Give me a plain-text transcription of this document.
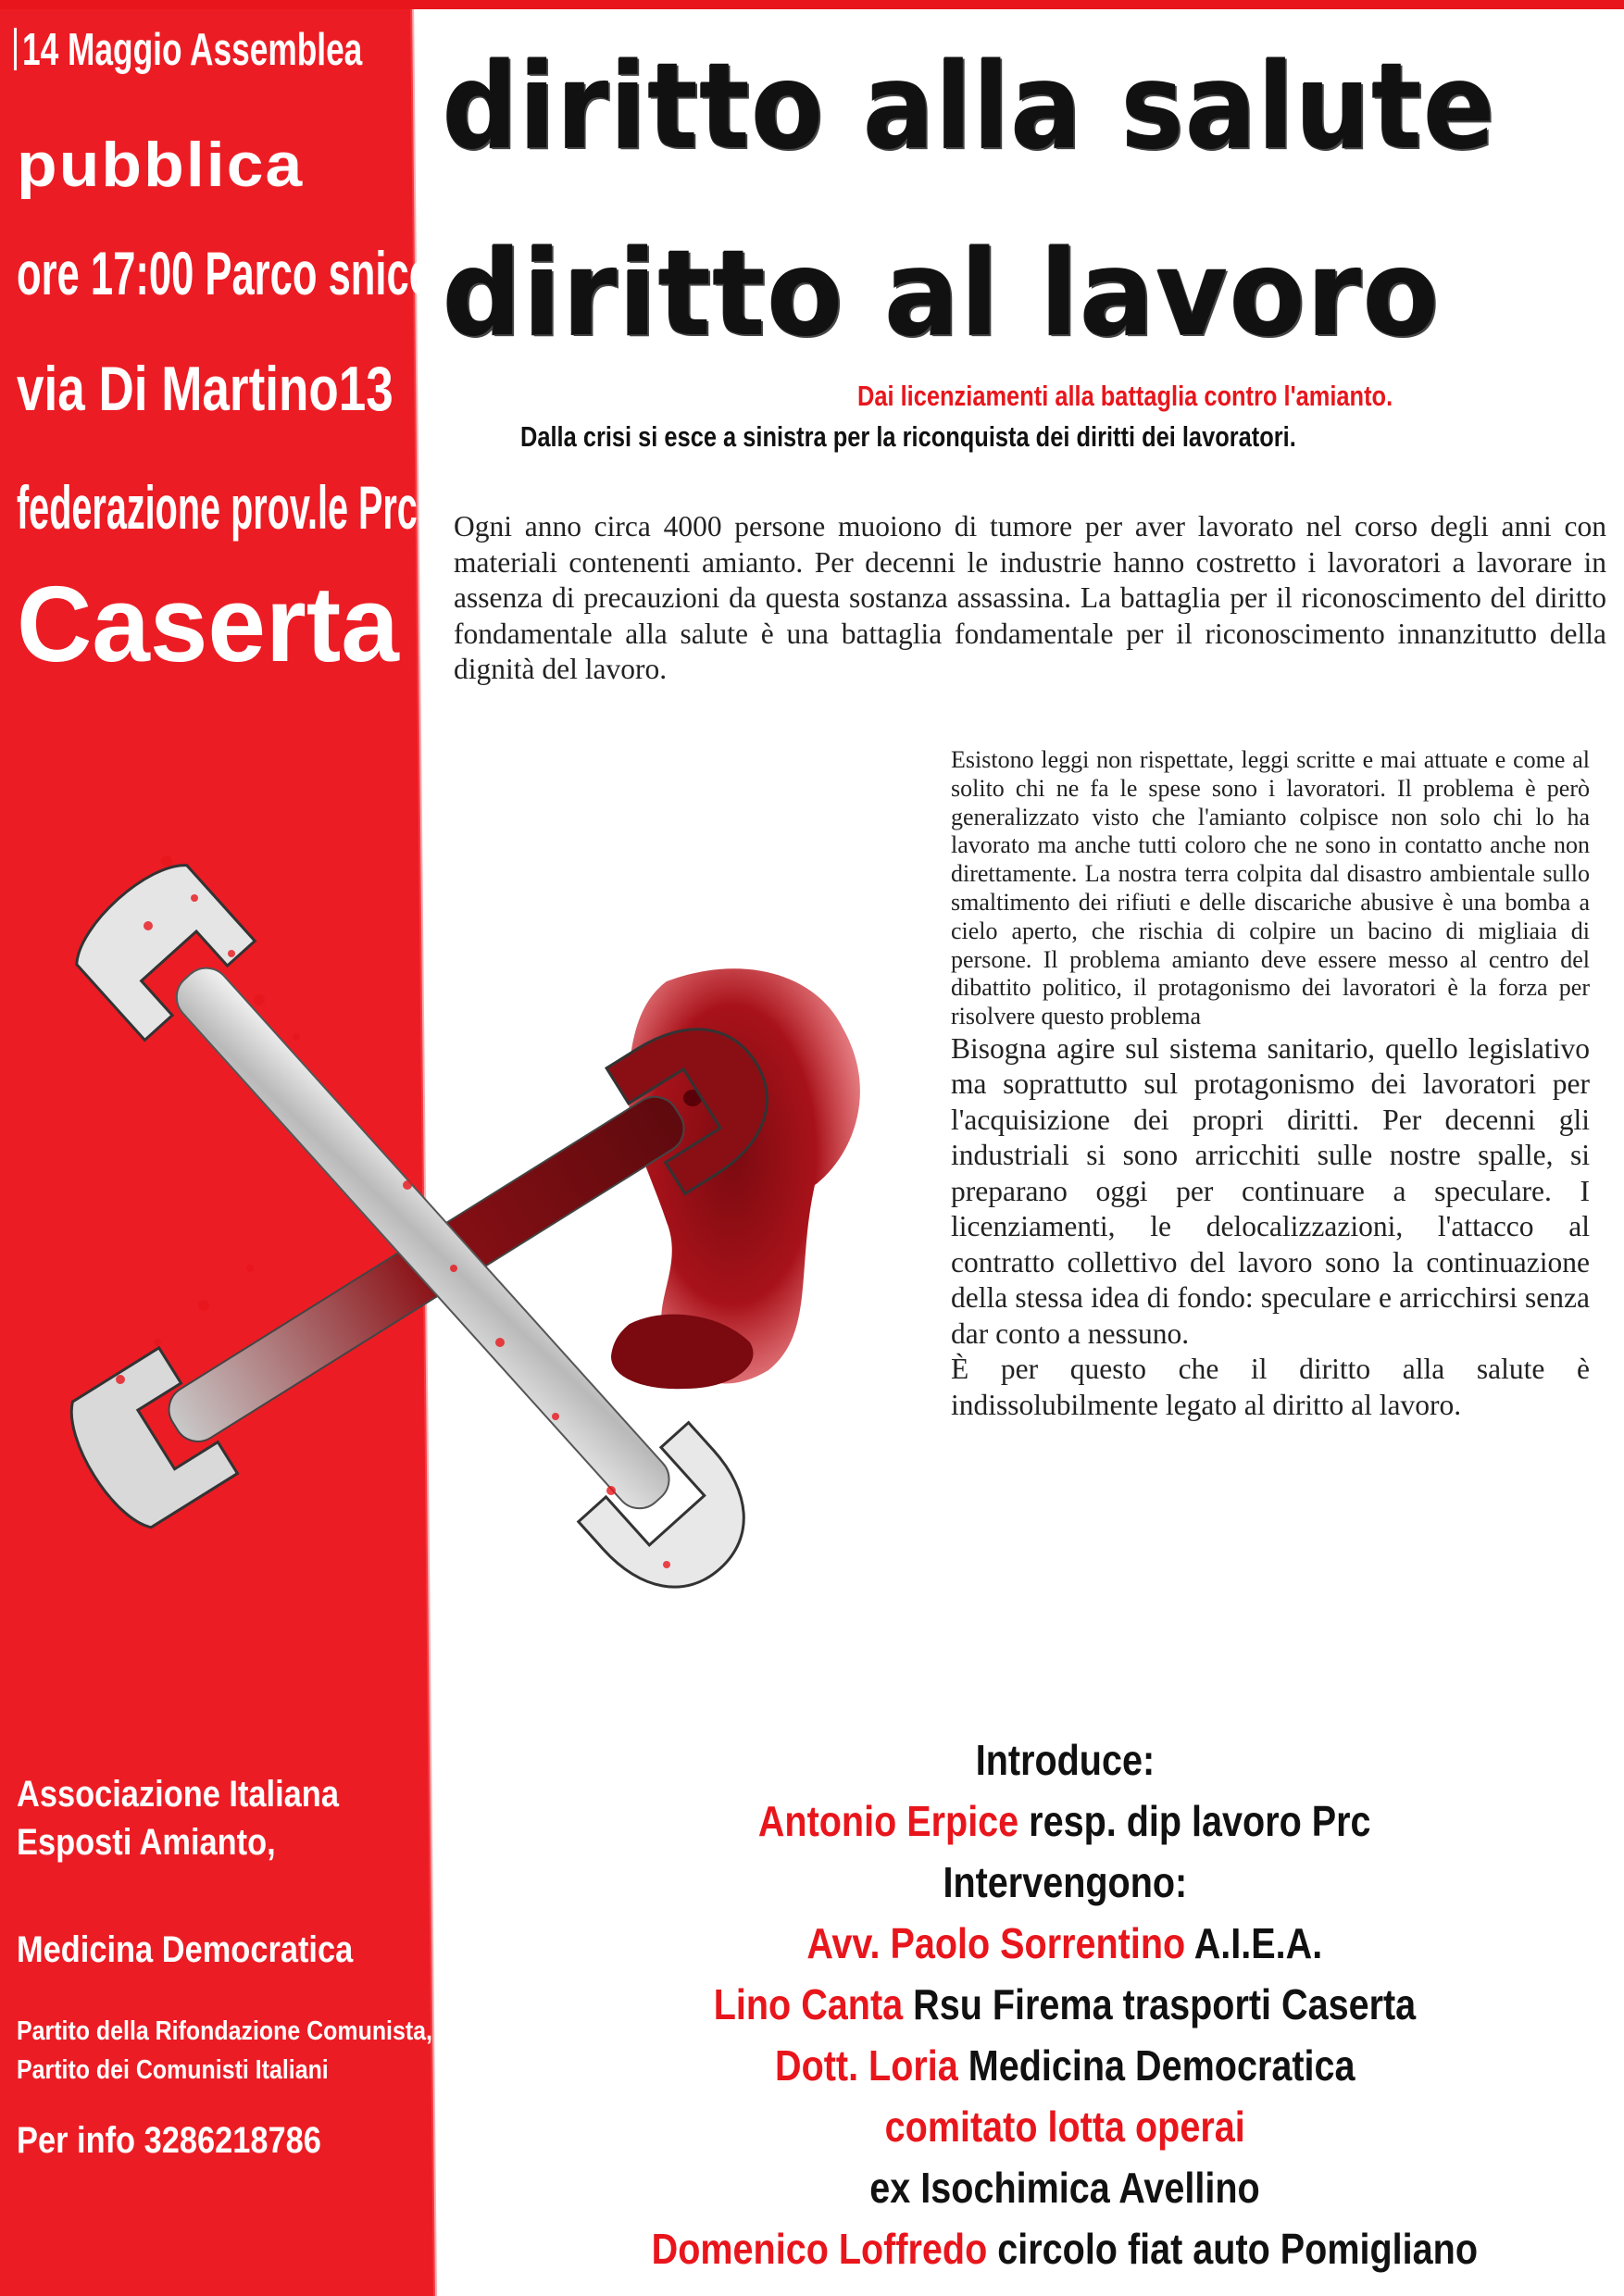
14 Maggio Assemblea
pubblica
ore 17:00 Parco snicer
via Di Martino13
federazione prov.le Prc.
Caserta
diritto alla salute
diritto al lavoro
Dai licenziamenti alla battaglia contro l'amianto.
Dalla crisi si esce a sinistra per la riconquista dei diritti dei lavoratori.

Ogni anno circa 4000 persone muoiono di tumore per aver lavorato nel corso degli anni con materiali contenenti amianto. Per decenni le industrie hanno costretto i lavoratori a lavorare in assenza di precauzioni da questa sostanza assassina. La battaglia per il riconoscimento del diritto fondamentale alla salute è una battaglia fondamentale per il riconoscimento innanzitutto della dignità del lavoro.

Esistono leggi non rispettate, leggi scritte e mai attuate e come al solito chi ne fa le spese sono i lavoratori. Il problema è però generalizzato visto che l'amianto colpisce non solo chi lo ha lavorato ma anche tutti coloro che ne sono in contatto anche non direttamente. La nostra terra colpita dal disastro ambientale sullo smaltimento dei rifiuti e delle discariche abusive è una bomba a cielo aperto, che rischia di colpire un bacino di migliaia di persone. Il problema amianto deve essere messo al centro del dibattito politico, il protagonismo dei lavoratori è la forza per risolvere questo problema

Bisogna agire sul sistema sanitario, quello legislativo ma soprattutto sul protagonismo dei lavoratori per l'acquisizione dei propri diritti. Per decenni gli industriali si sono arricchiti sulle nostre spalle, si preparano oggi per continuare a speculare. I licenziamenti, le delocalizzazioni, l'attacco al contratto collettivo del lavoro sono la continuazione della stessa idea di fondo: speculare e arricchirsi senza dar conto a nessuno.

È per questo che il diritto alla salute è indissolubilmente legato al diritto al lavoro.

Associazione Italiana
Esposti Amianto,
Medicina Democratica
Partito della Rifondazione Comunista,
Partito dei Comunisti Italiani
Per info 3286218786
Introduce:
Antonio Erpice resp. dip lavoro Prc
Intervengono:
Avv. Paolo Sorrentino A.I.E.A.
Lino Canta Rsu Firema trasporti Caserta
Dott. Loria Medicina Democratica
comitato lotta operai
ex Isochimica Avellino
Domenico Loffredo circolo fiat auto Pomigliano
